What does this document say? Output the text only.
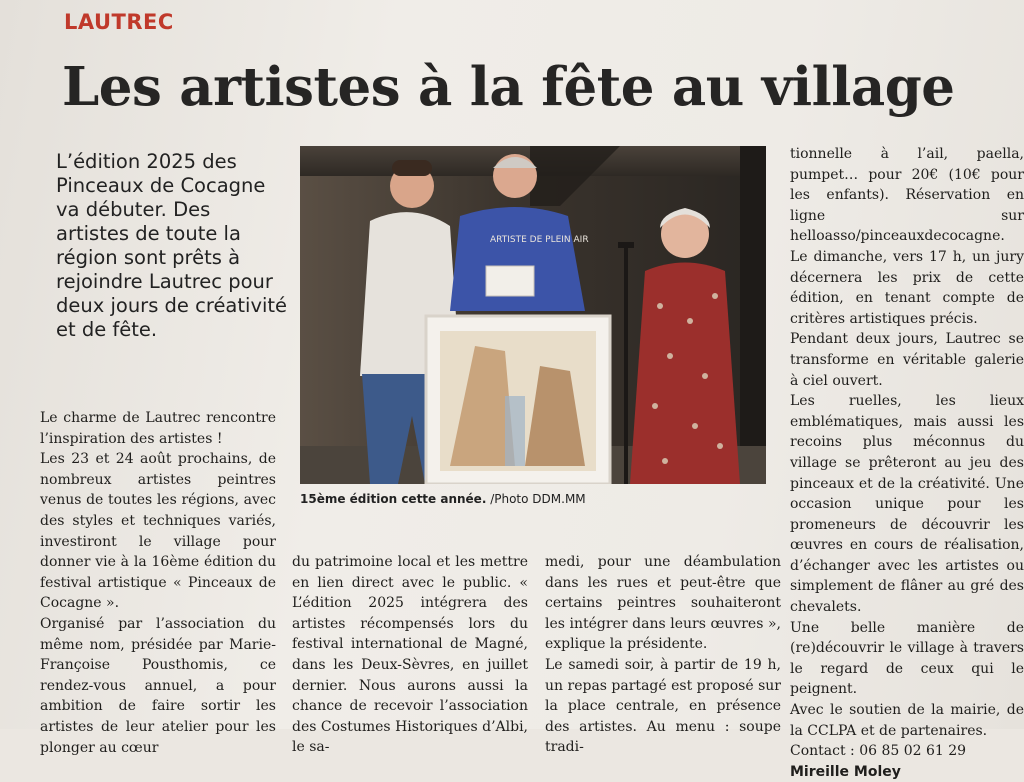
LAUTREC
Les artistes à la fête au village
L’édition 2025 des Pinceaux de Cocagne va débuter. Des artistes de toute la région sont prêts à rejoindre Lautrec pour deux jours de créativité et de fête.
ARTISTE DE PLEIN AIR
15ème édition cette année. /Photo DDM.MM

Le charme de Lautrec rencontre l’inspiration des artistes !

Les 23 et 24 août prochains, de nombreux artistes peintres venus de toutes les régions, avec des styles et techniques variés, investiront le village pour donner vie à la 16ème édition du festival artistique « Pinceaux de Cocagne ».

Organisé par l’association du même nom, présidée par Marie-Françoise Pousthomis, ce rendez-vous annuel, a pour ambition de faire sortir les artistes de leur atelier pour les plonger au cœur

du patrimoine local et les mettre en lien direct avec le public. « L’édition 2025 intégrera des artistes récompensés lors du festival international de Magné, dans les Deux-Sèvres, en juillet dernier. Nous aurons aussi la chance de recevoir l’association des Costumes Historiques d’Albi, le sa-

medi, pour une déambulation dans les rues et peut-être que certains peintres souhaiteront les intégrer dans leurs œuvres », explique la présidente.

Le samedi soir, à partir de 19 h, un repas partagé est proposé sur la place centrale, en présence des artistes. Au menu : soupe tradi-

tionnelle à l’ail, paella, pumpet… pour 20€ (10€ pour les enfants). Réservation en ligne sur helloasso/pinceauxdecocagne.

Le dimanche, vers 17 h, un jury décernera les prix de cette édition, en tenant compte de critères artistiques précis.

Pendant deux jours, Lautrec se transforme en véritable galerie à ciel ouvert.

Les ruelles, les lieux emblématiques, mais aussi les recoins plus méconnus du village se prêteront au jeu des pinceaux et de la créativité. Une occasion unique pour les promeneurs de découvrir les œuvres en cours de réalisation, d’échanger avec les artistes ou simplement de flâner au gré des chevalets.

Une belle manière de (re)découvrir le village à travers le regard de ceux qui le peignent.

Avec le soutien de la mairie, de la CCLPA et de partenaires.

Contact : 06 85 02 61 29

Mireille Moley
